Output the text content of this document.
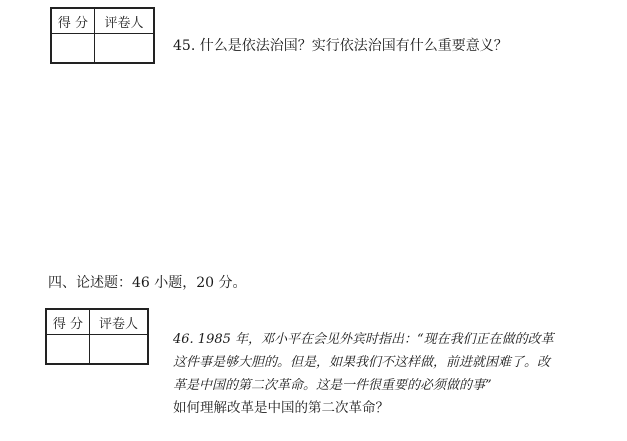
得 分	评卷人

45. 什么是依法治国？实行依法治国有什么重要意义？

四、论述题：46 小题，20 分。

得 分	评卷人

46. 1985 年，邓小平在会见外宾时指出：“现在我们正在做的改革
这件事是够大胆的。但是，如果我们不这样做，前进就困难了。改
革是中国的第二次革命。这是一件很重要的必须做的事”
如何理解改革是中国的第二次革命？
